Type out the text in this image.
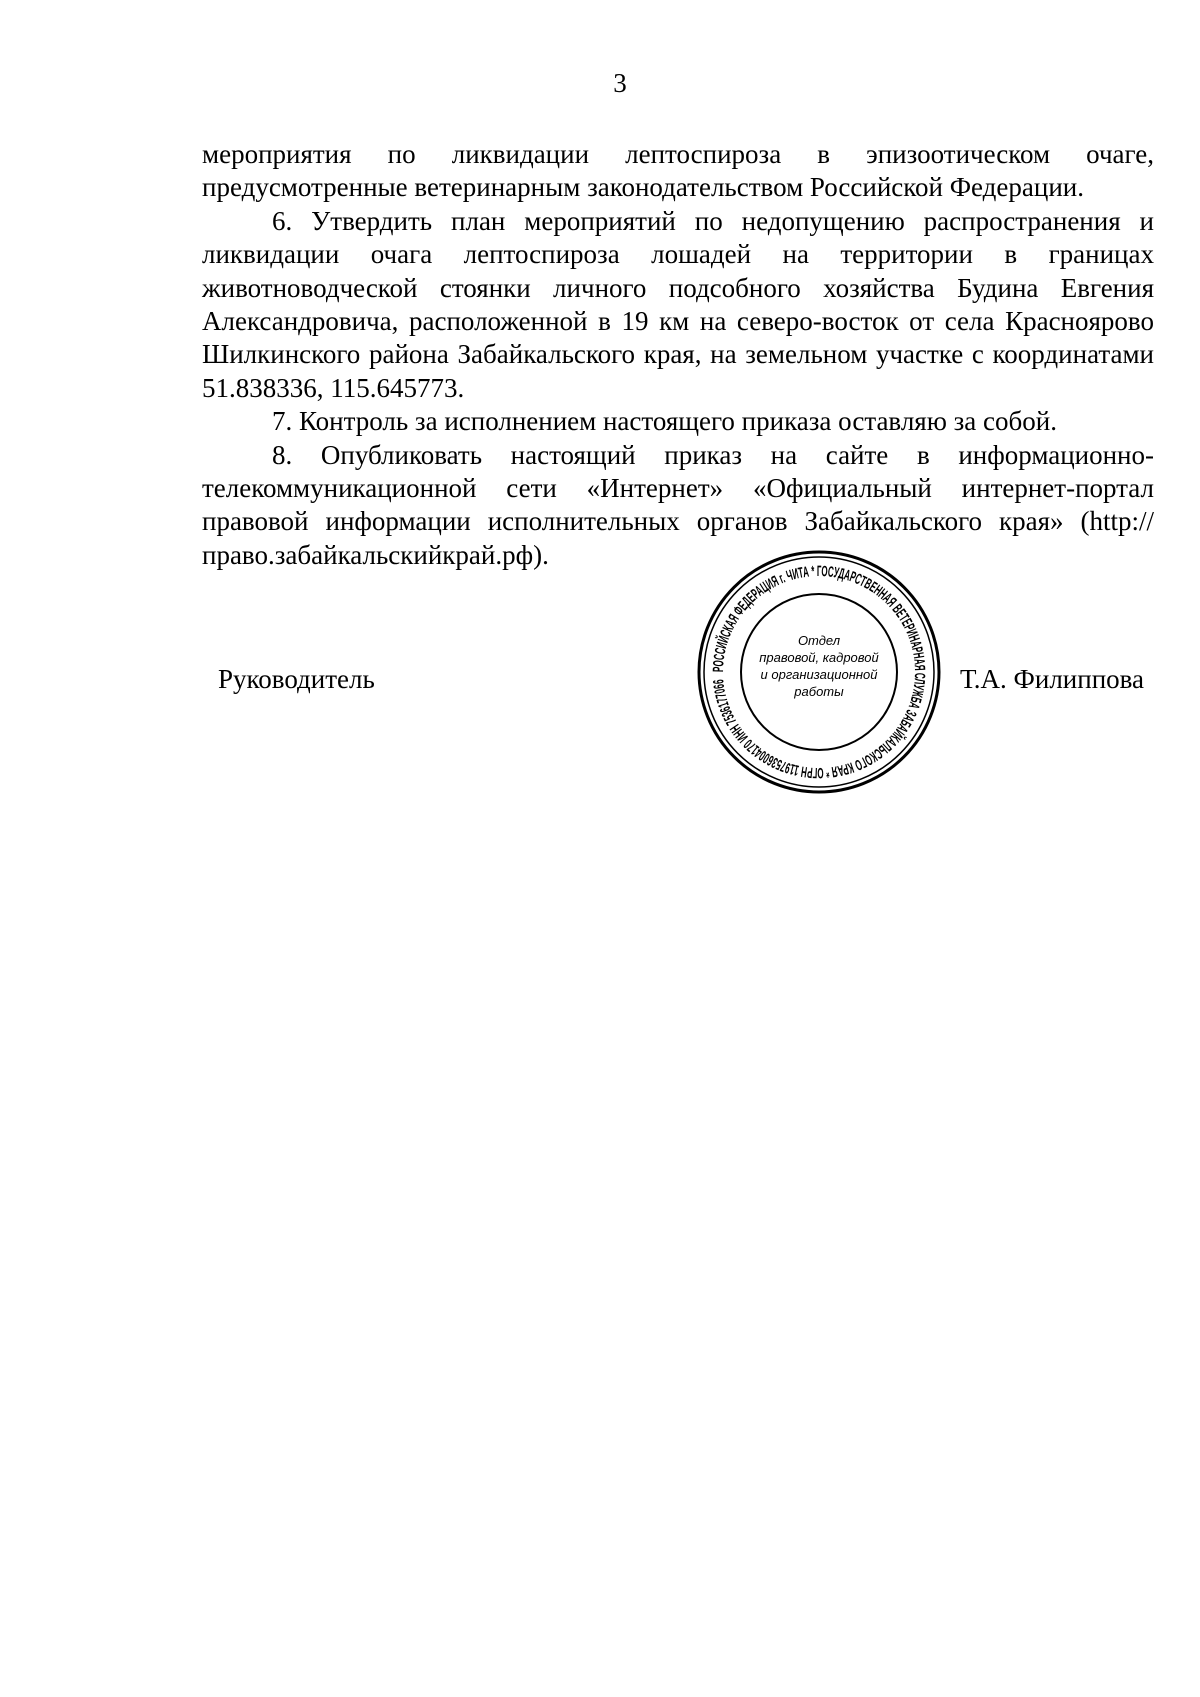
3

мероприятия по ликвидации лептоспироза в эпизоотическом очаге, предусмотренные ветеринарным законодательством Российской Федерации.

6. Утвердить план мероприятий по недопущению распространения и ликвидации очага лептоспироза лошадей на территории в границах животноводческой стоянки личного подсобного хозяйства Будина Евгения Александровича, расположенной в 19 км на северо-восток от села Краснoярово Шилкинского района Забайкальского края, на земельном участке с координатами 51.838336, 115.645773.

7. Контроль за исполнением настоящего приказа оставляю за собой.

8. Опубликовать настоящий приказ на сайте в информационно-телекоммуникационной сети «Интернет» «Официальный интернет-портал правовой информации исполнительных органов Забайкальского края» (http://право.забайкальскийкрай.рф).

Руководитель	РОССИЙСКАЯ ФЕДЕРАЦИЯ г. ЧИТА * ГОСУДАРСТВЕННАЯ ВЕТЕРИНАРНАЯ СЛУЖБА ЗАБАЙКАЛЬСКОГО КРАЯ * ОГРН 1197536004170 ИНН 7536177066
Отдел
правовой, кадровой
и организационной
работы	Т.А. Филиппова
